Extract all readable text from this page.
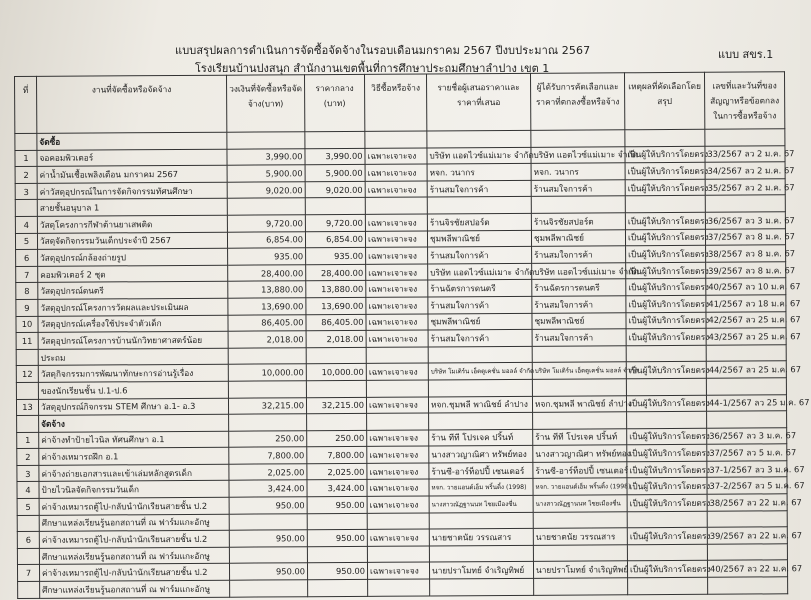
แบบสรุปผลการดำเนินการจัดซื้อจัดจ้างในรอบเดือนมกราคม 2567 ปีงบประมาณ 2567	แบบ สขร.1
โรงเรียนบ้านปงสนุก สำนักงานเขตพื้นที่การศึกษาประถมศึกษาลำปาง เขต 1
ที่	งานที่จัดซื้อหรือจัดจ้าง	วงเงินที่จัดซื้อหรือจัดจ้าง(บาท)	ราคากลาง (บาท)	วิธีซื้อหรือจ้าง	รายชื่อผู้เสนอราคาและราคาที่เสนอ	ผู้ได้รับการคัดเลือกและราคาที่ตกลงซื้อหรือจ้าง	เหตุผลที่คัดเลือกโดยสรุป	เลขที่และวันที่ของสัญญาหรือข้อตกลงในการซื้อหรือจ้าง
	จัดซื้อ							
1	จอคอมพิวเตอร์	3,990.00	3,990.00	เฉพาะเจาะจง	บริษัท แอดไวซ์แม่เมาะ จำกัด	บริษัท แอดไวซ์แม่เมาะ จำกัด	เป็นผู้ให้บริการโดยตรง	33/2567 ลว 2 ม.ค. 67
2	ค่าน้ำมันเชื้อเพลิงเดือน มกราคม 2567	5,900.00	5,900.00	เฉพาะเจาะจง	หจก. วนากร	หจก. วนากร	เป็นผู้ให้บริการโดยตรง	34/2567 ลว 2 ม.ค. 67
3	ค่าวัสดุอุปกรณ์ในการจัดกิจกรรมทัศนศึกษา	9,020.00	9,020.00	เฉพาะเจาะจง	ร้านสมใจการค้า	ร้านสมใจการค้า	เป็นผู้ให้บริการโดยตรง	35/2567 ลว 2 ม.ค. 67
	สายชั้นอนุบาล 1							
4	วัสดุโครงการกีฬาต้านยาเสพติด	9,720.00	9,720.00	เฉพาะเจาะจง	ร้านจิรชัยสปอร์ต	ร้านจิรชัยสปอร์ต	เป็นผู้ให้บริการโดยตรง	36/2567 ลว 3 ม.ค. 67
5	วัสดุจัดกิจกรรมวันเด็กประจำปี 2567	6,854.00	6,854.00	เฉพาะเจาะจง	ชุมพลีพาณิชย์	ชุมพลีพาณิชย์	เป็นผู้ให้บริการโดยตรง	37/2567 ลว 8 ม.ค. 67
6	วัสดุอุปกรณ์กล้องถ่ายรูป	935.00	935.00	เฉพาะเจาะจง	ร้านสมใจการค้า	ร้านสมใจการค้า	เป็นผู้ให้บริการโดยตรง	38/2567 ลว 8 ม.ค. 67
7	คอมพิวเตอร์ 2 ชุด	28,400.00	28,400.00	เฉพาะเจาะจง	บริษัท แอดไวซ์แม่เมาะ จำกัด	บริษัท แอดไวซ์แม่เมาะ จำกัด	เป็นผู้ให้บริการโดยตรง	39/2567 ลว 8 ม.ค. 67
8	วัสดุอุปกรณ์ดนตรี	13,880.00	13,880.00	เฉพาะเจาะจง	ร้านฉัตรการดนตรี	ร้านฉัตรการดนตรี	เป็นผู้ให้บริการโดยตรง	40/2567 ลว 10 ม.ค. 67
9	วัสดุอุปกรณ์โครงการวัดผลและประเมินผล	13,690.00	13,690.00	เฉพาะเจาะจง	ร้านสมใจการค้า	ร้านสมใจการค้า	เป็นผู้ให้บริการโดยตรง	41/2567 ลว 18 ม.ค. 67
10	วัสดุอุปกรณ์เครื่องใช้ประจำตัวเด็ก	86,405.00	86,405.00	เฉพาะเจาะจง	ชุมพลีพาณิชย์	ชุมพลีพาณิชย์	เป็นผู้ให้บริการโดยตรง	42/2567 ลว 25 ม.ค. 67
11	วัสดุอุปกรณ์โครงการบ้านนักวิทยาศาสตร์น้อย	2,018.00	2,018.00	เฉพาะเจาะจง	ร้านสมใจการค้า	ร้านสมใจการค้า	เป็นผู้ให้บริการโดยตรง	43/2567 ลว 25 ม.ค. 67
	ประถม							
12	วัสดุกิจกรรมการพัฒนาทักษะการอ่านรู้เรื่อง	10,000.00	10,000.00	เฉพาะเจาะจง	บริษัท โมเดิร์น เอ็ดดูเคชั่น มอลล์ จำกัด	บริษัท โมเดิร์น เอ็ดดูเคชั่น มอลล์ จำกัด	เป็นผู้ให้บริการโดยตรง	44/2567 ลว 25 ม.ค. 67
	ของนักเรียนชั้น ป.1-ป.6							
13	วัสดุอุปกรณ์กิจกรรม STEM ศึกษา อ.1- อ.3	32,215.00	32,215.00	เฉพาะเจาะจง	หจก.ชุมพลี พาณิชย์ ลำปาง	หจก.ชุมพลี พาณิชย์ ลำปาง	เป็นผู้ให้บริการโดยตรง	44-1/2567 ลว 25 ม.ค. 67
	จัดจ้าง							
1	ค่าจ้างทำป้ายไวนิล ทัศนศึกษา อ.1	250.00	250.00	เฉพาะเจาะจง	ร้าน ทีที โปรเจค ปริ้นท์	ร้าน ทีที โปรเจค ปริ้นท์	เป็นผู้ให้บริการโดยตรง	36/2567 ลว 3 ม.ค. 67
2	ค่าจ้างเหมารถฝึก อ.1	7,800.00	7,800.00	เฉพาะเจาะจง	นางสาวญาณิศา ทรัพย์ทอง	นางสาวญาณิศา ทรัพย์ทอง	เป็นผู้ให้บริการโดยตรง	37/2567 ลว 5 ม.ค. 67
3	ค่าจ้างถ่ายเอกสารและเข้าเล่มหลักสูตรเด็ก	2,025.00	2,025.00	เฉพาะเจาะจง	ร้านซี-อาร์ท็อปปี้ เซนเตอร์	ร้านซี-อาร์ท็อปปี้ เซนเตอร์	เป็นผู้ให้บริการโดยตรง	37-1/2567 ลว 3 ม.ค. 67
4	ป้ายไวนิลจัดกิจกรรมวันเด็ก	3,424.00	3,424.00	เฉพาะเจาะจง	หจก. วายแอนด์เอ็ม พริ้นติ้ง (1998)	หจก. วายแอนด์เอ็ม พริ้นติ้ง (1998)	เป็นผู้ให้บริการโดยตรง	37-2/2567 ลว 5 ม.ค. 67
5	ค่าจ้างเหมารถตู้ไป-กลับนำนักเรียนสายชั้น ป.2	950.00	950.00	เฉพาะเจาะจง	นางสาวณัฏฐานนท ไชยเมืองชื่น	นางสาวณัฏฐานนท ไชยเมืองชื่น	เป็นผู้ให้บริการโดยตรง	38/2567 ลว 22 ม.ค. 67
	ศึกษาแหล่งเรียนรู้นอกสถานที่ ณ ฟาร์มแกะอักษู							
6	ค่าจ้างเหมารถตู้ไป-กลับนำนักเรียนสายชั้น ป.2	950.00	950.00	เฉพาะเจาะจง	นายชาตนัย วรรณสาร	นายชาตนัย วรรณสาร	เป็นผู้ให้บริการโดยตรง	39/2567 ลว 22 ม.ค. 67
	ศึกษาแหล่งเรียนรู้นอกสถานที่ ณ ฟาร์มแกะอักษู							
7	ค่าจ้างเหมารถตู้ไป-กลับนำนักเรียนสายชั้น ป.2	950.00	950.00	เฉพาะเจาะจง	นายปราโมทย์ จำเริญทิพย์	นายปราโมทย์ จำเริญทิพย์	เป็นผู้ให้บริการโดยตรง	40/2567 ลว 22 ม.ค. 67
	ศึกษาแหล่งเรียนรู้นอกสถานที่ ณ ฟาร์มแกะอักษู							
